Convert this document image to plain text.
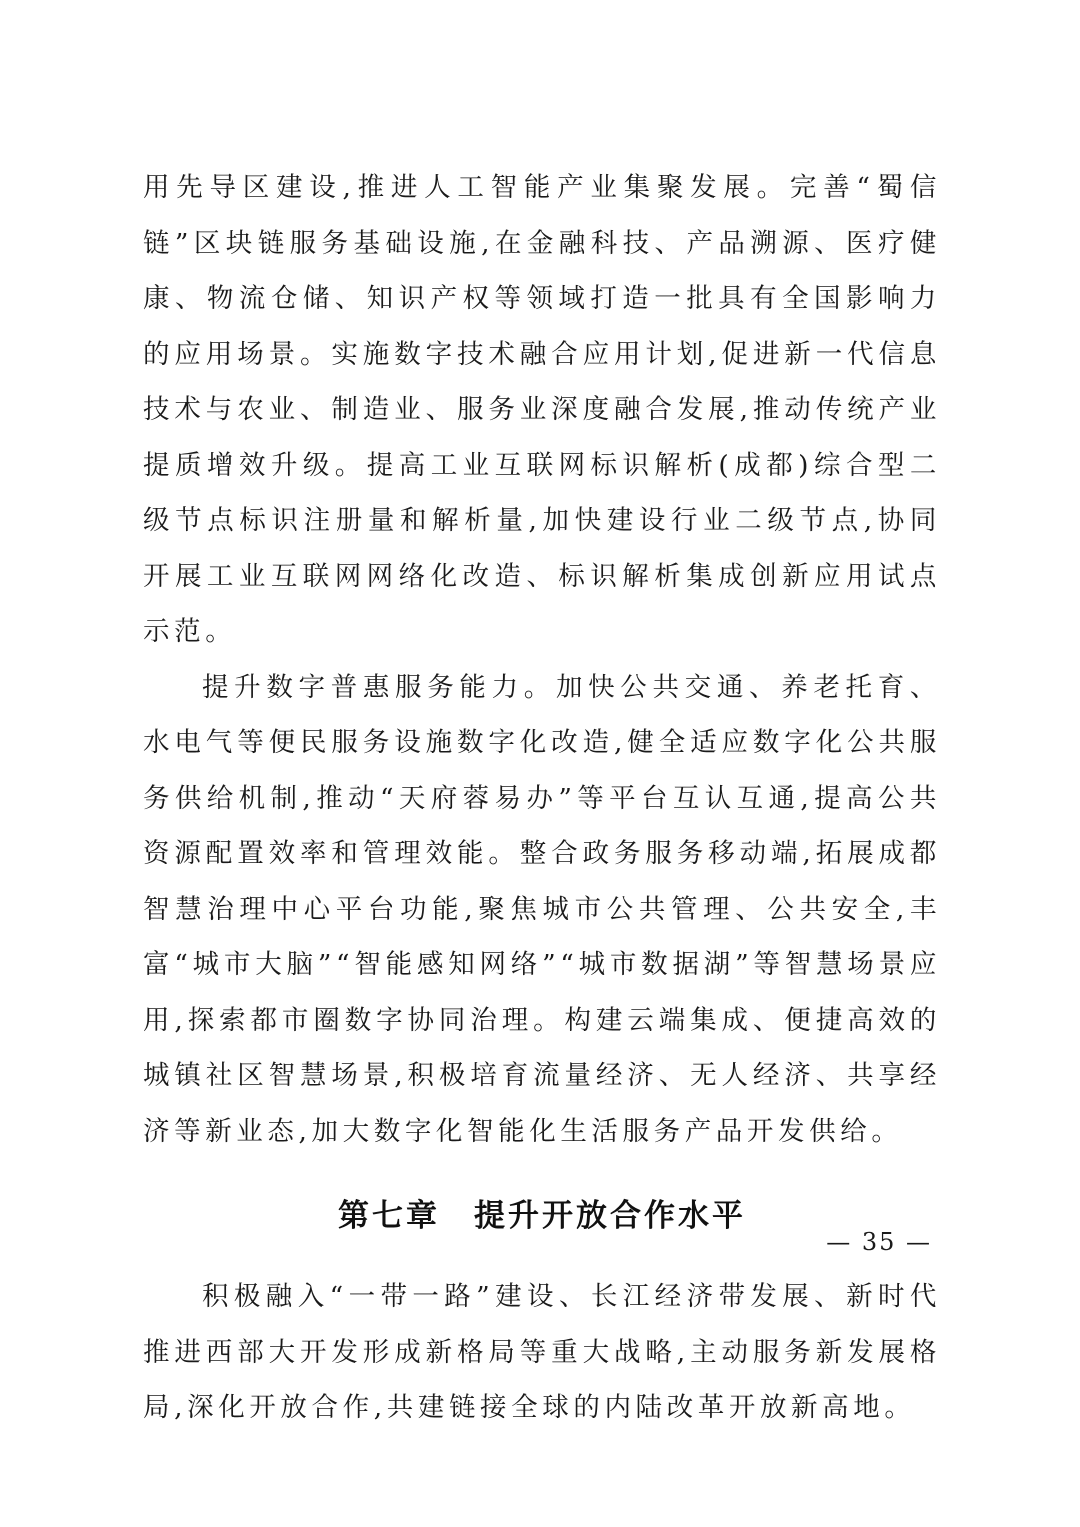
用先导区建设,推进人工智能产业集聚发展。完善“蜀信链”区块链服务基础设施,在金融科技、产品溯源、医疗健康、物流仓储、知识产权等领域打造一批具有全国影响力的应用场景。实施数字技术融合应用计划,促进新一代信息技术与农业、制造业、服务业深度融合发展,推动传统产业提质增效升级。提高工业互联网标识解析(成都)综合型二级节点标识注册量和解析量,加快建设行业二级节点,协同开展工业互联网网络化改造、标识解析集成创新应用试点示范。

提升数字普惠服务能力。加快公共交通、养老托育、水电气等便民服务设施数字化改造,健全适应数字化公共服务供给机制,推动“天府蓉易办”等平台互认互通,提高公共资源配置效率和管理效能。整合政务服务移动端,拓展成都智慧治理中心平台功能,聚焦城市公共管理、公共安全,丰富“城市大脑”“智能感知网络”“城市数据湖”等智慧场景应用,探索都市圈数字协同治理。构建云端集成、便捷高效的城镇社区智慧场景,积极培育流量经济、无人经济、共享经济等新业态,加大数字化智能化生活服务产品开发供给。

第七章 提升开放合作水平

积极融入“一带一路”建设、长江经济带发展、新时代推进西部大开发形成新格局等重大战略,主动服务新发展格局,深化开放合作,共建链接全球的内陆改革开放新高地。

— 35 —
